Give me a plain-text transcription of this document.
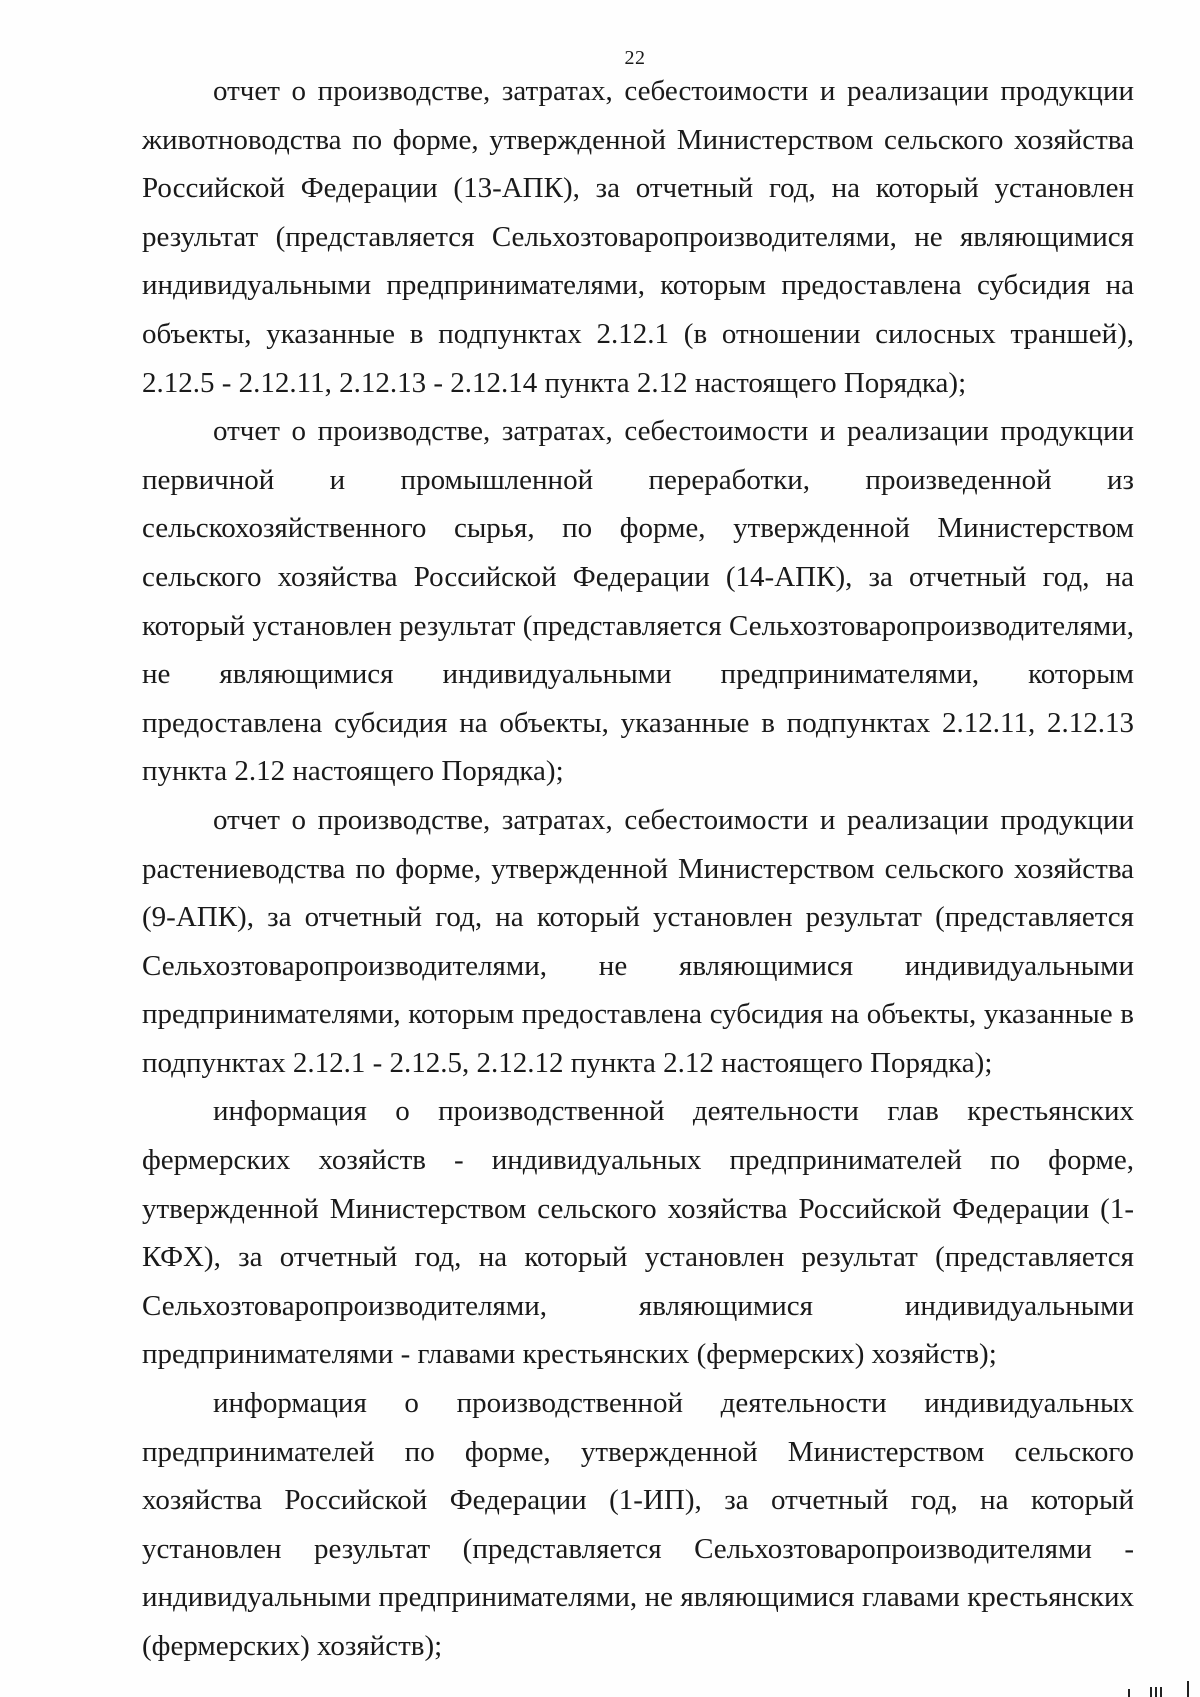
22

отчет о производстве, затратах, себестоимости и реализации продукции животноводства по форме, утвержденной Министерством сельского хозяйства Российской Федерации (13-АПК), за отчетный год, на который установлен результат (представляется Сельхозтоваропроизводителями, не являющимися индивидуальными предпринимателями, которым предоставлена субсидия на объекты, указанные в подпунктах 2.12.1 (в отношении силосных траншей), 2.12.5 - 2.12.11, 2.12.13 - 2.12.14 пункта 2.12 настоящего Порядка);

отчет о производстве, затратах, себестоимости и реализации продукции первичной и промышленной переработки, произведенной из сельскохозяйственного сырья, по форме, утвержденной Министерством сельского хозяйства Российской Федерации (14-АПК), за отчетный год, на который установлен результат (представляется Сельхозтоваропроизводителями, не являющимися индивидуальными предпринимателями, которым предоставлена субсидия на объекты, указанные в подпунктах 2.12.11, 2.12.13 пункта 2.12 настоящего Порядка);

отчет о производстве, затратах, себестоимости и реализации продукции растениеводства по форме, утвержденной Министерством сельского хозяйства (9-АПК), за отчетный год, на который установлен результат (представляется Сельхозтоваропроизводителями, не являющимися индивидуальными предпринимателями, которым предоставлена субсидия на объекты, указанные в подпунктах 2.12.1 - 2.12.5, 2.12.12 пункта 2.12 настоящего Порядка);

информация о производственной деятельности глав крестьянских фермерских хозяйств - индивидуальных предпринимателей по форме, утвержденной Министерством сельского хозяйства Российской Федерации (1-КФХ), за отчетный год, на который установлен результат (представляется Сельхозтоваропроизводителями, являющимися индивидуальными предпринимателями - главами крестьянских (фермерских) хозяйств);

информация о производственной деятельности индивидуальных предпринимателей по форме, утвержденной Министерством сельского хозяйства Российской Федерации (1-ИП), за отчетный год, на который установлен результат (представляется Сельхозтоваропроизводителями - индивидуальными предпринимателями, не являющимися главами крестьянских (фермерских) хозяйств);
